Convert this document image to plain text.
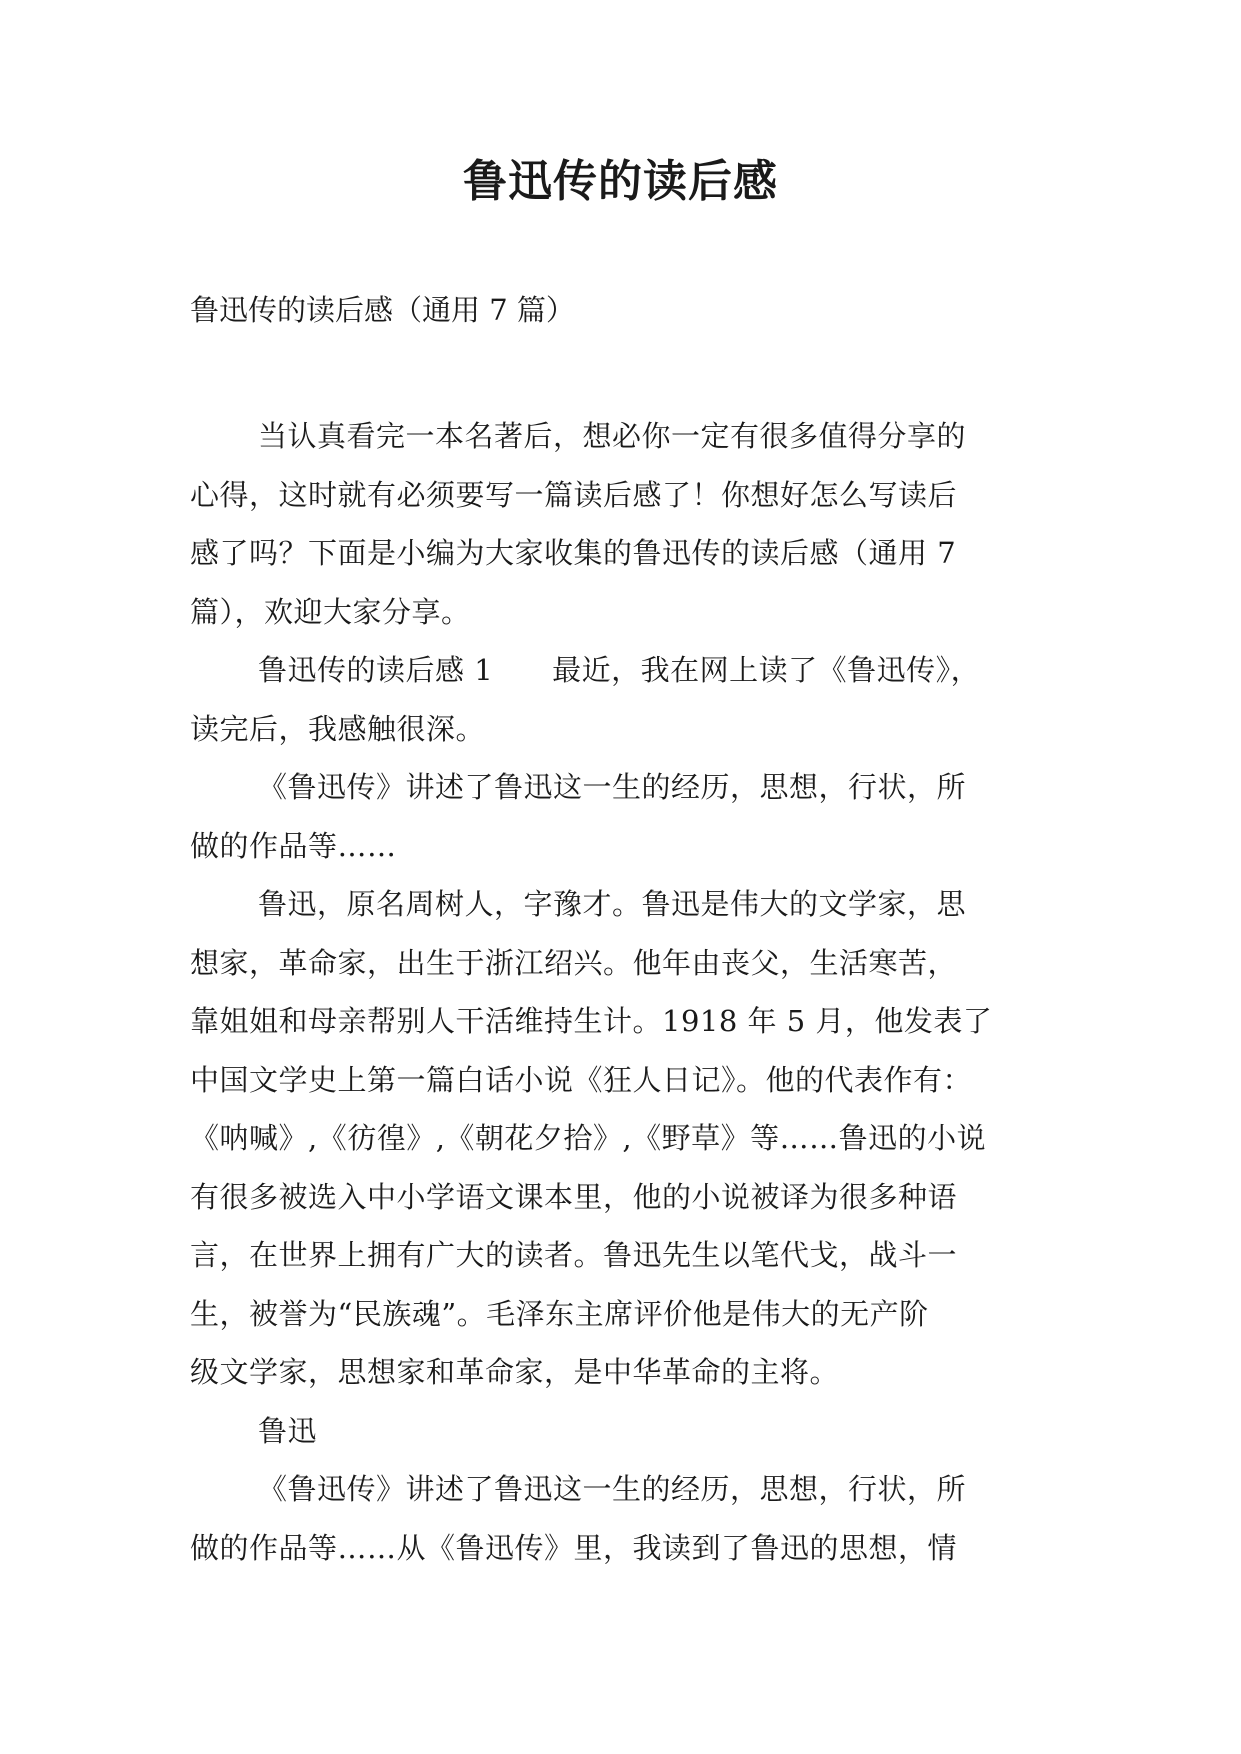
鲁迅传的读后感

鲁迅传的读后感（通用 7 篇）

当认真看完一本名著后，想必你一定有很多值得分享的

心得，这时就有必须要写一篇读后感了！你想好怎么写读后

感了吗？下面是小编为大家收集的鲁迅传的读后感（通用 7

篇），欢迎大家分享。

鲁迅传的读后感 1　　最近，我在网上读了《鲁迅传》，

读完后，我感触很深。

《鲁迅传》讲述了鲁迅这一生的经历，思想，行状，所

做的作品等……

鲁迅，原名周树人，字豫才。鲁迅是伟大的文学家，思

想家，革命家，出生于浙江绍兴。他年由丧父，生活寒苦，

靠姐姐和母亲帮别人干活维持生计。1918 年 5 月，他发表了

中国文学史上第一篇白话小说《狂人日记》。他的代表作有：

《呐喊》,《彷徨》,《朝花夕拾》,《野草》等……鲁迅的小说

有很多被选入中小学语文课本里，他的小说被译为很多种语

言，在世界上拥有广大的读者。鲁迅先生以笔代戈，战斗一

生，被誉为“民族魂”。毛泽东主席评价他是伟大的无产阶

级文学家，思想家和革命家，是中华革命的主将。

鲁迅

《鲁迅传》讲述了鲁迅这一生的经历，思想，行状，所

做的作品等……从《鲁迅传》里，我读到了鲁迅的思想，情
